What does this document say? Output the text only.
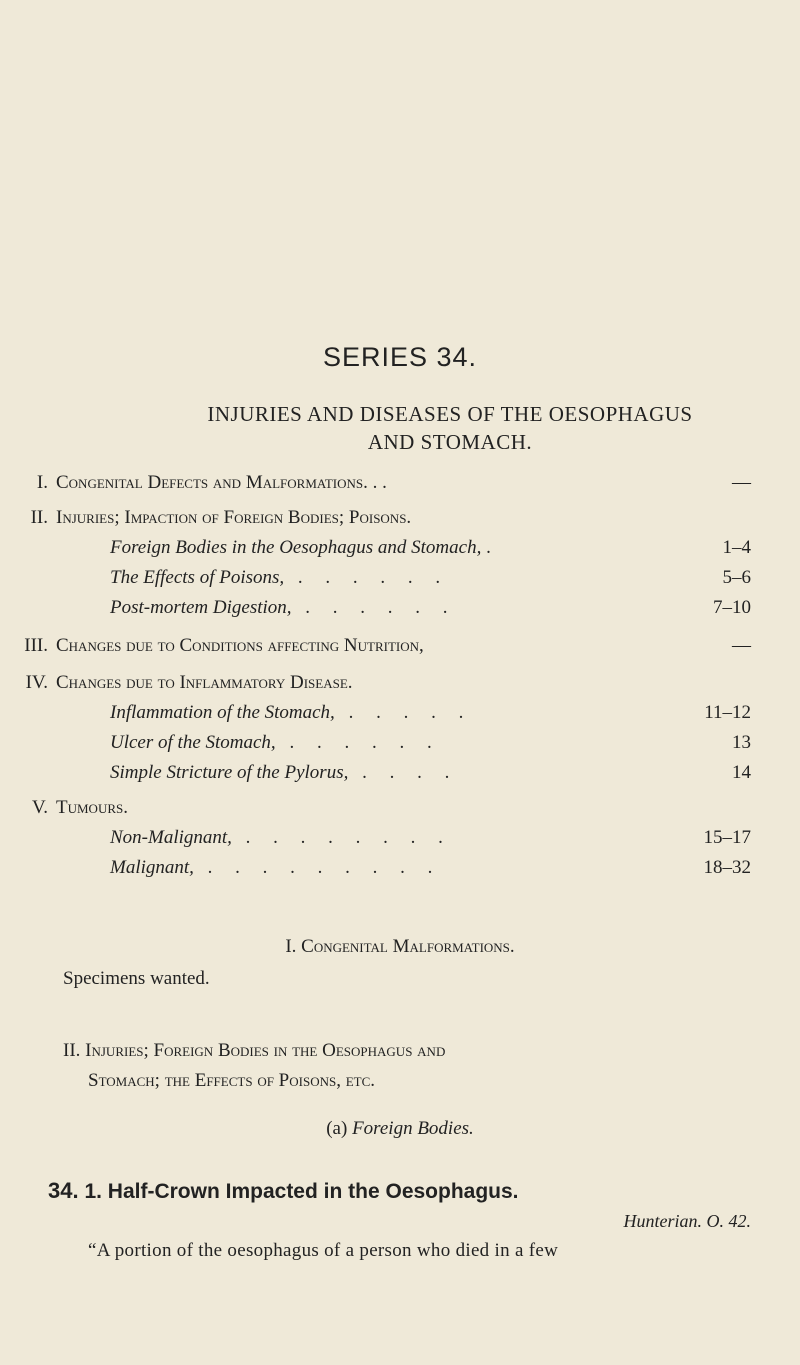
SERIES 34.
INJURIES AND DISEASES OF THE OESOPHAGUS
AND STOMACH.
I. Congenital Defects and Malformations. . .	—
II. Injuries; Impaction of Foreign Bodies; Poisons.
Foreign Bodies in the Oesophagus and Stomach, .	1–4
The Effects of Poisons, . . . . . .	5–6
Post-mortem Digestion, . . . . . .	7–10
III. Changes due to Conditions affecting Nutrition,	—
IV. Changes due to Inflammatory Disease.
Inflammation of the Stomach, . . . . .	11–12
Ulcer of the Stomach, . . . . . .	13
Simple Stricture of the Pylorus, . . . .	14
V. Tumours.
Non-Malignant, . . . . . . . .	15–17
Malignant, . . . . . . . . .	18–32
I. Congenital Malformations.
Specimens wanted.
II. Injuries; Foreign Bodies in the Oesophagus and
Stomach; the Effects of Poisons, etc.
(a) Foreign Bodies.
34. 1. Half-Crown Impacted in the Oesophagus.
Hunterian. O. 42.
“A portion of the oesophagus of a person who died in a few
